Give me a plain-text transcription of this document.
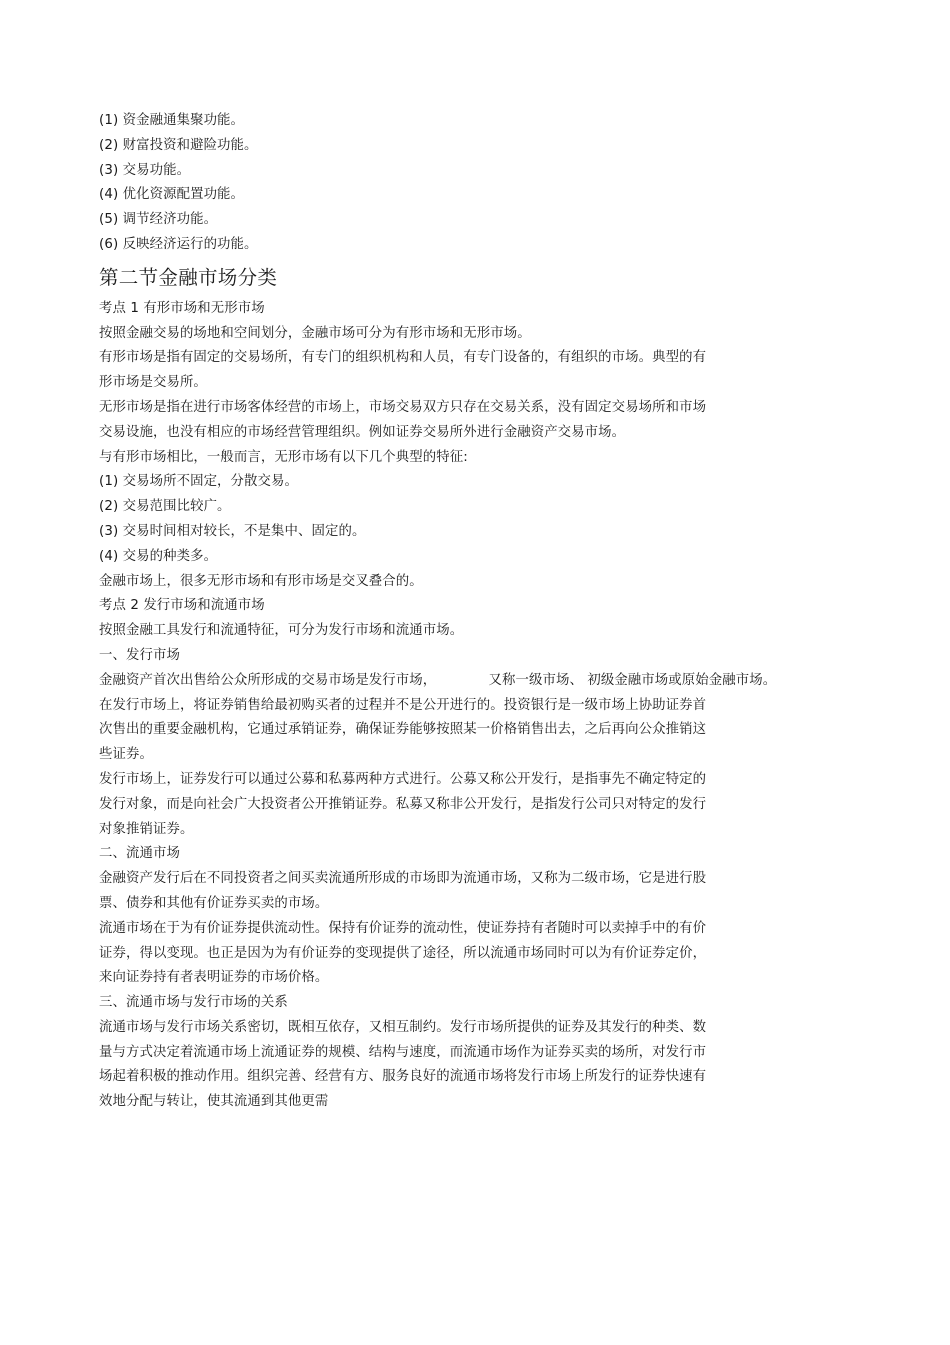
(1) 资金融通集聚功能。
(2) 财富投资和避险功能。
(3) 交易功能。
(4) 优化资源配置功能。
(5) 调节经济功能。
(6) 反映经济运行的功能。
第二节金融市场分类
考点 1 有形市场和无形市场
按照金融交易的场地和空间划分，金融市场可分为有形市场和无形市场。
有形市场是指有固定的交易场所，有专门的组织机构和人员，有专门设备的，有组织的市场。典型的有
形市场是交易所。
无形市场是指在进行市场客体经营的市场上，市场交易双方只存在交易关系，没有固定交易场所和市场
交易设施，也没有相应的市场经营管理组织。例如证券交易所外进行金融资产交易市场。
与有形市场相比，一般而言，无形市场有以下几个典型的特征:
(1) 交易场所不固定，分散交易。
(2) 交易范围比较广。
(3) 交易时间相对较长，不是集中、固定的。
(4) 交易的种类多。
金融市场上，很多无形市场和有形市场是交叉叠合的。
考点 2 发行市场和流通市场
按照金融工具发行和流通特征，可分为发行市场和流通市场。
一、发行市场
金融资产首次出售给公众所形成的交易市场是发行市场，            又称一级市场、 初级金融市场或原始金融市场。
在发行市场上，将证券销售给最初购买者的过程并不是公开进行的。投资银行是一级市场上协助证券首
次售出的重要金融机构，它通过承销证券，确保证券能够按照某一价格销售出去，之后再向公众推销这
些证券。
发行市场上，证券发行可以通过公募和私募两种方式进行。公募又称公开发行，是指事先不确定特定的
发行对象，而是向社会广大投资者公开推销证券。私募又称非公开发行，是指发行公司只对特定的发行
对象推销证券。
二、流通市场
金融资产发行后在不同投资者之间买卖流通所形成的市场即为流通市场，又称为二级市场，它是进行股
票、债券和其他有价证券买卖的市场。
流通市场在于为有价证券提供流动性。保持有价证券的流动性，使证券持有者随时可以卖掉手中的有价
证券，得以变现。也正是因为为有价证券的变现提供了途径，所以流通市场同时可以为有价证券定价，
来向证券持有者表明证券的市场价格。
三、流通市场与发行市场的关系
流通市场与发行市场关系密切，既相互依存，又相互制约。发行市场所提供的证券及其发行的种类、数
量与方式决定着流通市场上流通证券的规模、结构与速度，而流通市场作为证券买卖的场所，对发行市
场起着积极的推动作用。组织完善、经营有方、服务良好的流通市场将发行市场上所发行的证券快速有
效地分配与转让，使其流通到其他更需
